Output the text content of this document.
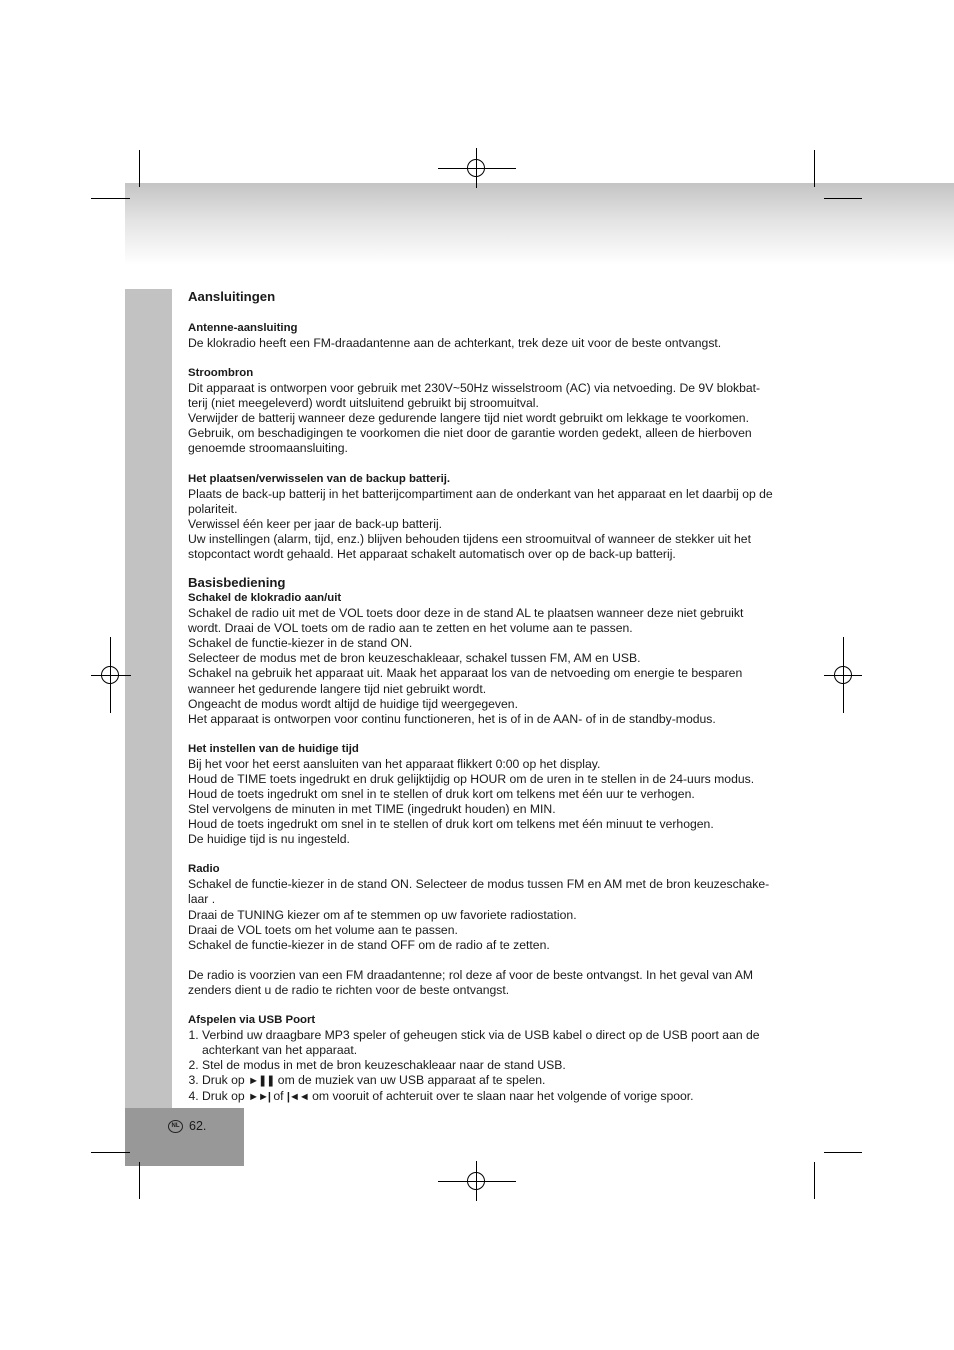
Aansluitingen

Antenne-aansluiting

De klokradio heeft een FM-draadantenne aan de achterkant, trek deze uit voor de beste ontvangst.

Stroombron

Dit apparaat is ontworpen voor gebruik met 230V~50Hz wisselstroom (AC) via netvoeding. De 9V blokbat-

terij (niet meegeleverd) wordt uitsluitend gebruikt bij stroomuitval.

Verwijder de batterij wanneer deze gedurende langere tijd niet wordt gebruikt om lekkage te voorkomen.

Gebruik, om beschadigingen te voorkomen die niet door de garantie worden gedekt, alleen de hierboven

genoemde stroomaansluiting.

Het plaatsen/verwisselen van de backup batterij.

Plaats de back-up batterij in het batterijcompartiment aan de onderkant van het apparaat en let daarbij op de

polariteit.

Verwissel één keer per jaar de back-up batterij.

Uw instellingen (alarm, tijd, enz.) blijven behouden tijdens een stroomuitval of wanneer de stekker uit het

stopcontact wordt gehaald. Het apparaat schakelt automatisch over op de back-up batterij.

Basisbediening

Schakel de klokradio aan/uit

Schakel de radio uit met de VOL toets door deze in de stand AL te plaatsen wanneer deze niet gebruikt

wordt. Draai de VOL toets om de radio aan te zetten en het volume aan te passen.

Schakel de functie-kiezer in de stand ON.

Selecteer de modus met de bron keuzeschakleaar, schakel tussen FM, AM en USB.

Schakel na gebruik het apparaat uit. Maak het apparaat los van de netvoeding om energie te besparen

wanneer het gedurende langere tijd niet gebruikt wordt.

Ongeacht de modus wordt altijd de huidige tijd weergegeven.

Het apparaat is ontworpen voor continu functioneren, het is of in de AAN- of in de standby-modus.

Het instellen van de huidige tijd

Bij het voor het eerst aansluiten van het apparaat flikkert 0:00 op het display.

Houd de TIME toets ingedrukt en druk gelijktijdig op HOUR om de uren in te stellen in de 24-uurs modus.

Houd de toets ingedrukt om snel in te stellen of druk kort om telkens met één uur te verhogen.

Stel vervolgens de minuten in met TIME (ingedrukt houden) en MIN.

Houd de toets ingedrukt om snel in te stellen of druk kort om telkens met één minuut te verhogen.

De huidige tijd is nu ingesteld.

Radio

Schakel de functie-kiezer in de stand ON. Selecteer de modus tussen FM en AM met de bron keuzeschake-

laar .

Draai de TUNING kiezer om af te stemmen op uw favoriete radiostation.

Draai de VOL toets om het volume aan te passen.

Schakel de functie-kiezer in de stand OFF om de radio af te zetten.

De radio is voorzien van een FM draadantenne; rol deze af voor de beste ontvangst. In het geval van AM

zenders dient u de radio te richten voor de beste ontvangst.

Afspelen via USB Poort

1. Verbind uw draagbare MP3 speler of geheugen stick via de USB kabel o direct op de USB poort aan de
achterkant van het apparaat.
2. Stel de modus in met de bron keuzeschakleaar naar de stand USB.
3. Druk op ►❚❚ om de muziek van uw USB apparaat af te spelen.
4. Druk op ►►| of |◄◄ om vooruit of achteruit over te slaan naar het volgende of vorige spoor.
NL 62.
